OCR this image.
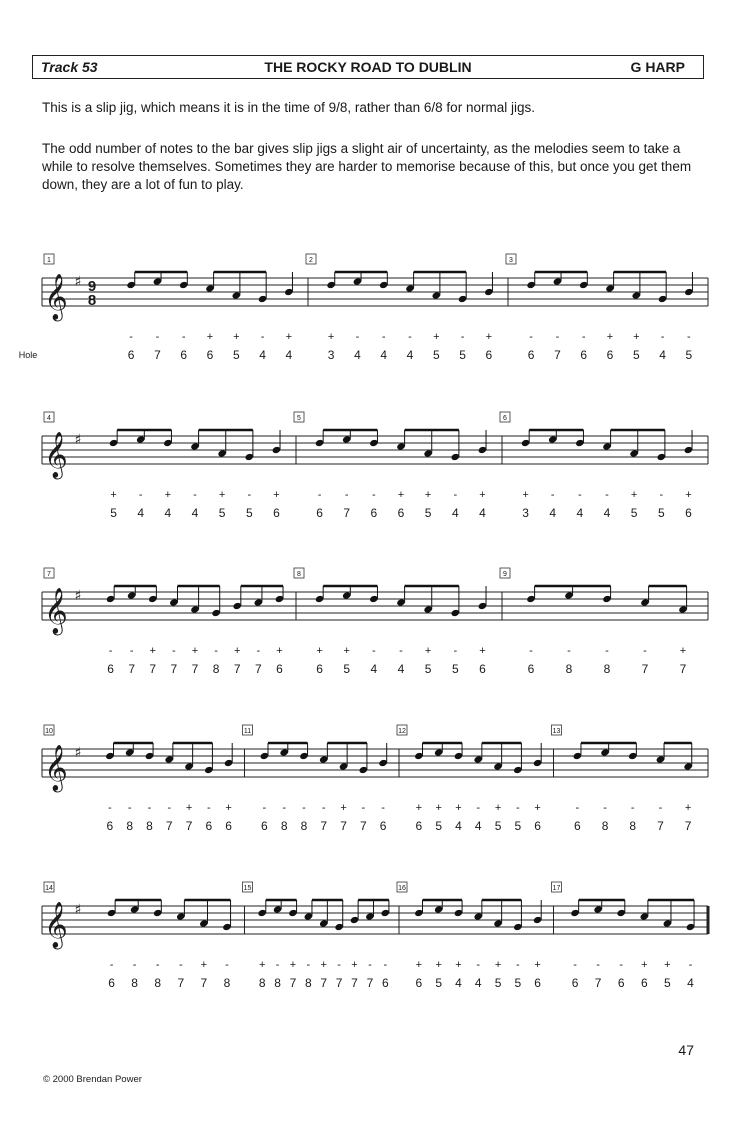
Track 53	THE ROCKY ROAD TO DUBLIN	G HARP

This is a slip jig, which means it is in the time of 9/8, rather than 6/8 for normal jigs.

The odd number of notes to the bar gives slip jigs a slight air of uncertainty, as the melodies seem to take a while to resolve themselves. Sometimes they are harder to memorise because of this, but once you get them down, they are a lot of fun to play.

𝄞 ♯ 9
8
Hole
1
-
6
-
7
-
6
+
6
+
5
-
4
+
4
2
+
3
-
4
-
4
-
4
+
5
-
5
+
6
3
-
6
-
7
-
6
+
6
+
5
-
4
-
5
𝄞 ♯
4
+
5
-
4
+
4
-
4
+
5
-
5
+
6
5
-
6
-
7
-
6
+
6
+
5
-
4
+
4
6
+
3
-
4
-
4
-
4
+
5
-
5
+
6
𝄞 ♯
7
-
6
-
7
+
7
-
7
+
7
-
8
+
7
-
7
+
6
8
+
6
+
5
-
4
-
4
+
5
-
5
+
6
9
-
6
-
8
-
8
-
7
+
7
𝄞 ♯
10
-
6
-
8
-
8
-
7
+
7
-
6
+
6
11
-
6
-
8
-
8
-
7
+
7
-
7
-
6
12
+
6
+
5
+
4
-
4
+
5
-
5
+
6
13
-
6
-
8
-
8
-
7
+
7
𝄞 ♯
14
-
6
-
8
-
8
-
7
+
7
-
8
15
+
8
-
8
+
7
-
8
+
7
-
7
+
7
-
7
-
6
16
+
6
+
5
+
4
-
4
+
5
-
5
+
6
17
-
6
-
7
-
6
+
6
+
5
-
4
47
© 2000 Brendan Power
